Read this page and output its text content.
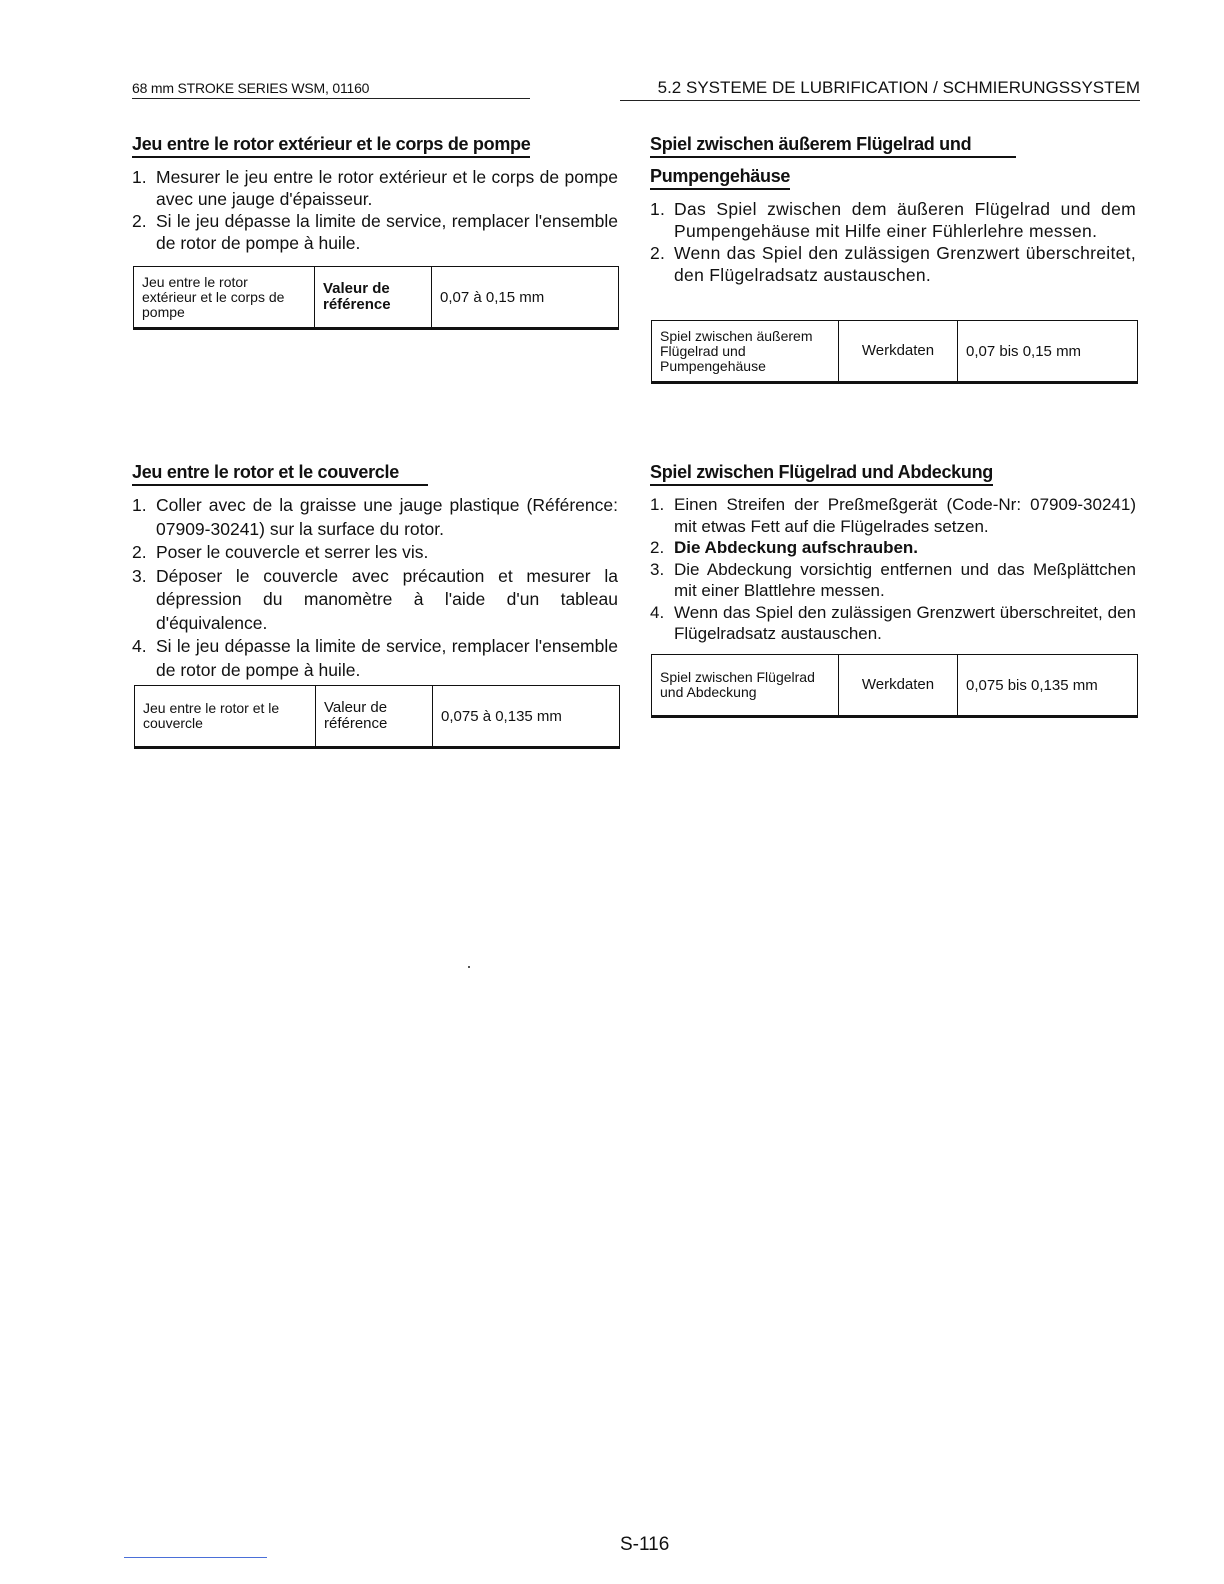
68 mm STROKE SERIES WSM, 01160	5.2 SYSTEME DE LUBRIFICATION / SCHMIERUNGSSYSTEM

Jeu entre le rotor extérieur et le corps de pompe

1. Mesurer le jeu entre le rotor extérieur et le corps de pompe avec une jauge d'épaisseur.
2. Si le jeu dépasse la limite de service, remplacer l'ensemble de rotor de pompe à huile.
Jeu entre le rotor extérieur et le corps de pompe	Valeur de référence	0,07 à 0,15 mm

Spiel zwischen äußerem Flügelrad und

Pumpengehäuse

1. Das Spiel zwischen dem äußeren Flügelrad und dem Pumpengehäuse mit Hilfe einer Fühlerlehre messen.
2. Wenn das Spiel den zulässigen Grenzwert überschreitet, den Flügelradsatz austauschen.
Spiel zwischen äußerem Flügelrad und Pumpengehäuse	Werkdaten	0,07 bis 0,15 mm

Jeu entre le rotor et le couvercle

1. Coller avec de la graisse une jauge plastique (Référence: 07909-30241) sur la surface du rotor.
2. Poser le couvercle et serrer les vis.
3. Déposer le couvercle avec précaution et mesurer la dépression du manomètre à l'aide d'un tableau d'équivalence.
4. Si le jeu dépasse la limite de service, remplacer l'ensemble de rotor de pompe à huile.
Jeu entre le rotor et le couvercle	Valeur de référence	0,075 à 0,135 mm

Spiel zwischen Flügelrad und Abdeckung

1. Einen Streifen der Preßmeßgerät (Code-Nr: 07909-30241) mit etwas Fett auf die Flügelrades setzen.
2. Die Abdeckung aufschrauben.
3. Die Abdeckung vorsichtig entfernen und das Meßplättchen mit einer Blattlehre messen.
4. Wenn das Spiel den zulässigen Grenzwert überschreitet, den Flügelradsatz austauschen.
Spiel zwischen Flügelrad und Abdeckung	Werkdaten	0,075 bis 0,135 mm
S-116
